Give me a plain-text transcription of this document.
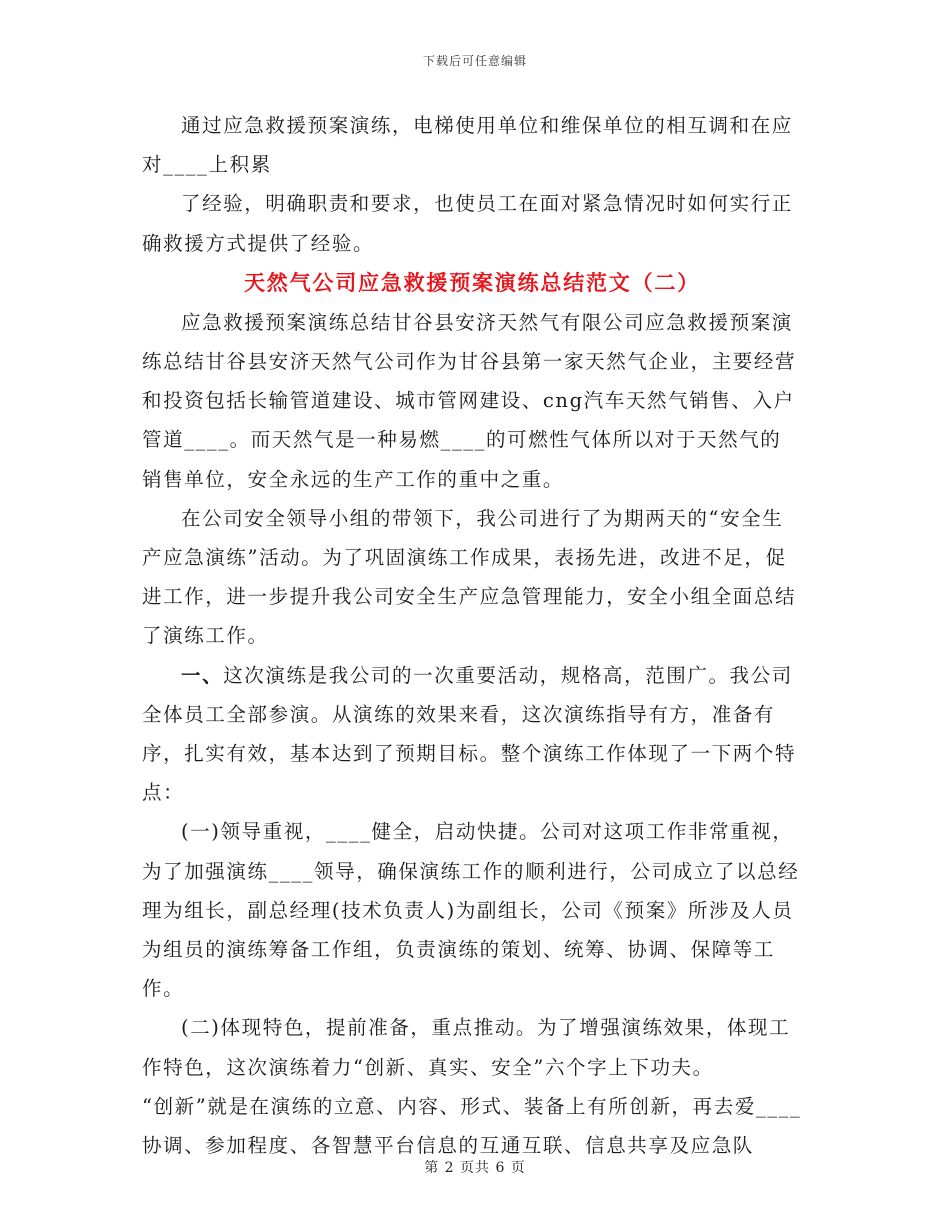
下载后可任意编辑

通过应急救援预案演练，电梯使用单位和维保单位的相互调和在应对____上积累

了经验，明确职责和要求，也使员工在面对紧急情况时如何实行正确救援方式提供了经验。

天然气公司应急救援预案演练总结范文（二）

应急救援预案演练总结甘谷县安济天然气有限公司应急救援预案演练总结甘谷县安济天然气公司作为甘谷县第一家天然气企业，主要经营和投资包括长输管道建设、城市管网建设、cng汽车天然气销售、入户管道____。而天然气是一种易燃____的可燃性气体所以对于天然气的销售单位，安全永远的生产工作的重中之重。

在公司安全领导小组的带领下，我公司进行了为期两天的“安全生产应急演练”活动。为了巩固演练工作成果，表扬先进，改进不足，促进工作，进一步提升我公司安全生产应急管理能力，安全小组全面总结了演练工作。

一、这次演练是我公司的一次重要活动，规格高，范围广。我公司全体员工全部参演。从演练的效果来看，这次演练指导有方，准备有序，扎实有效，基本达到了预期目标。整个演练工作体现了一下两个特点：

(一)领导重视，____健全，启动快捷。公司对这项工作非常重视，为了加强演练____领导，确保演练工作的顺利进行，公司成立了以总经理为组长，副总经理(技术负责人)为副组长，公司《预案》所涉及人员为组员的演练筹备工作组，负责演练的策划、统筹、协调、保障等工作。

(二)体现特色，提前准备，重点推动。为了增强演练效果，体现工作特色，这次演练着力“创新、真实、安全”六个字上下功夫。

“创新”就是在演练的立意、内容、形式、装备上有所创新，再去爱____协调、参加程度、各智慧平台信息的互通互联、信息共享及应急队

第 2 页共 6 页
